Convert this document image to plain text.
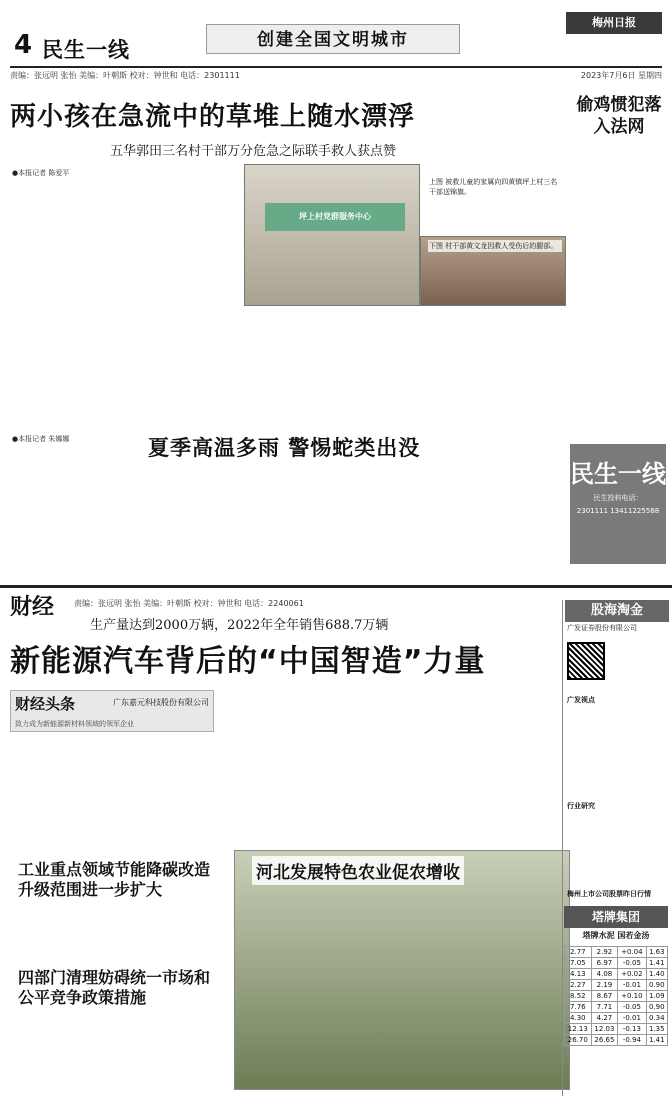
4 民生一线	创建全国文明城市
梅州日报
责编：张远明 张怡 美编：叶朝斯 校对：钟世和 电话：2301111	2023年7月6日 星期四
两小孩在急流中的草堆上随水漂浮
五华郭田三名村干部万分危急之际联手救人获点赞
●本报记者 陈爱平
坪上村党群服务中心
上图 被救儿童的家属向四黄镇坪上村三名干部送锦旗。
下图 村干部黄文龙因救人受伤后的腿部。
偷鸡惯犯落入法网
●本报记者 朱娜娜	夏季高温多雨 警惕蛇类出没
民生一线
民生投料电话：
2301111 13411225588
财经 责编：张远明 张怡 美编：叶朝斯 校对：钟世和 电话：2240061
生产量达到2000万辆，2022年全年销售688.7万辆
新能源汽车背后的“中国智造”力量
财经头条	广东嘉元科技股份有限公司
致力成为新能源新材料领域的领军企业
工业重点领域节能降碳改造升级范围进一步扩大
四部门清理妨碍统一市场和公平竞争政策措施
河北发展特色农业促农增收
股海淘金
广发证券股份有限公司
广发视点
行业研究
梅州上市公司股票昨日行情
塔牌集团
塔牌水泥 国若金汤
2.77	2.92	+0.04	1.63
7.05	6.97	-0.05	1.41
4.13	4.08	+0.02	1.40
2.27	2.19	-0.01	0.90
8.52	8.67	+0.10	1.09
7.76	7.71	-0.05	0.90
4.30	4.27	-0.01	0.34
12.13	12.03	-0.13	1.35
26.70	26.65	-0.94	1.41
